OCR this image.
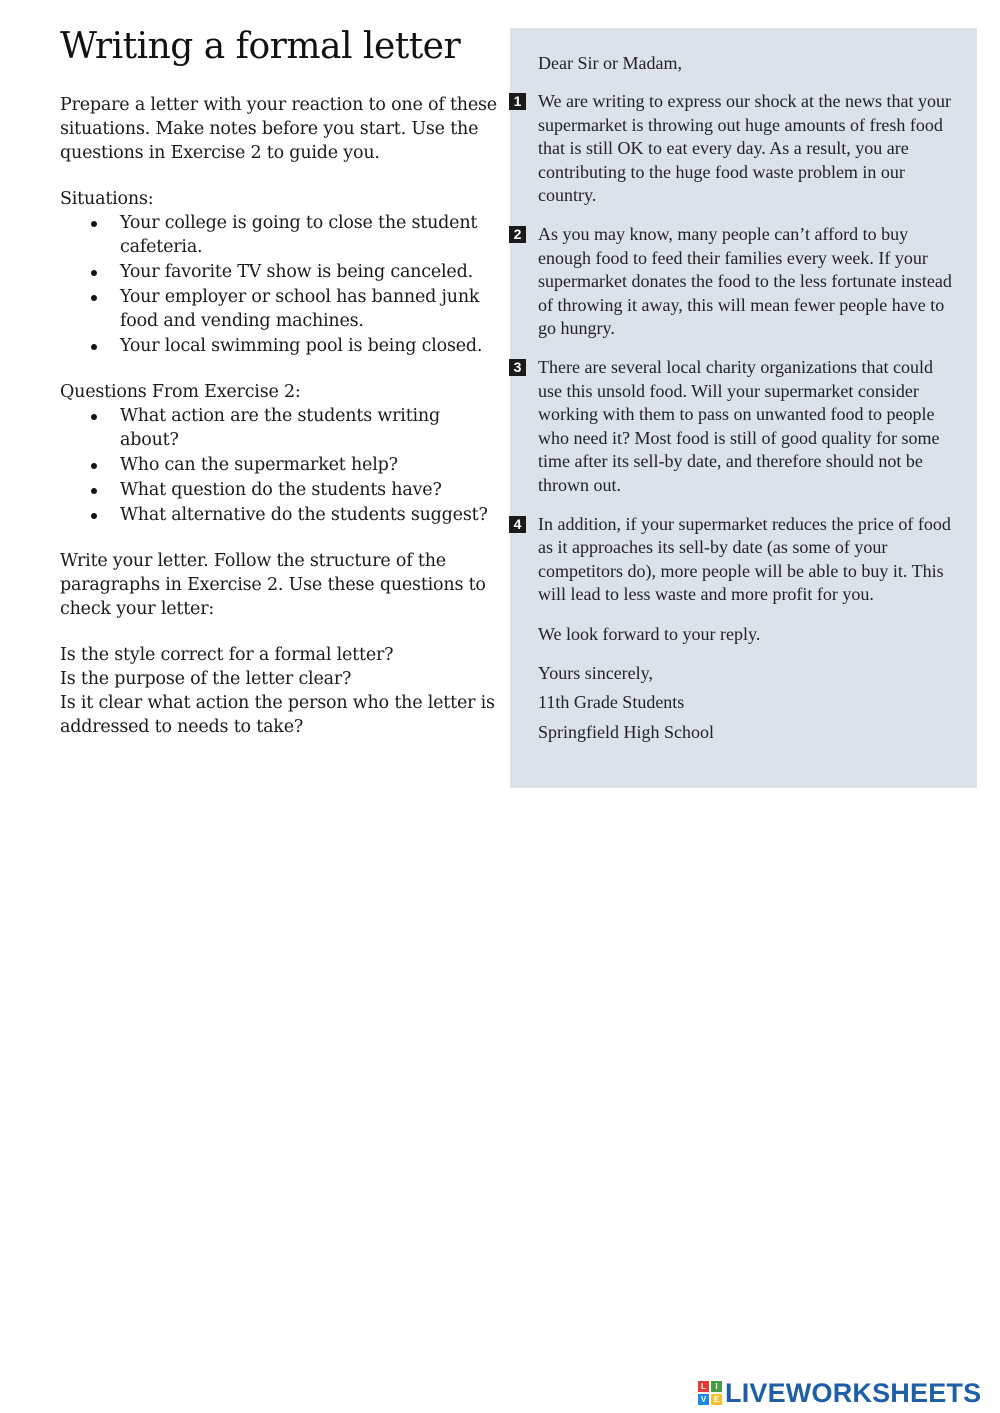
Writing a formal letter

Prepare a letter with your reaction to one of these situations. Make notes before you start. Use the questions in Exercise 2 to guide you.

Situations:

Your college is going to close the student cafeteria.
Your favorite TV show is being canceled.
Your employer or school has banned junk food and vending machines.
Your local swimming pool is being closed.

Questions From Exercise 2:

What action are the students writing about?
Who can the supermarket help?
What question do the students have?
What alternative do the students suggest?

Write your letter. Follow the structure of the paragraphs in Exercise 2. Use these questions to check your letter:

Is the style correct for a formal letter?
Is the purpose of the letter clear?
Is it clear what action the person who the letter is addressed to needs to take?
Dear Sir or Madam,
1 We are writing to express our shock at the news that your supermarket is throwing out huge amounts of fresh food that is still OK to eat every day. As a result, you are contributing to the huge food waste problem in our country.
2 As you may know, many people can’t afford to buy enough food to feed their families every week. If your supermarket donates the food to the less fortunate instead of throwing it away, this will mean fewer people have to go hungry.
3 There are several local charity organizations that could use this unsold food. Will your supermarket consider working with them to pass on unwanted food to people who need it? Most food is still of good quality for some time after its sell-by date, and therefore should not be thrown out.
4 In addition, if your supermarket reduces the price of food as it approaches its sell-by date (as some of your competitors do), more people will be able to buy it. This will lead to less waste and more profit for you.
We look forward to your reply.
Yours sincerely,
11th Grade Students
Springfield High School
L	I
V E LIVEWORKSHEETS
